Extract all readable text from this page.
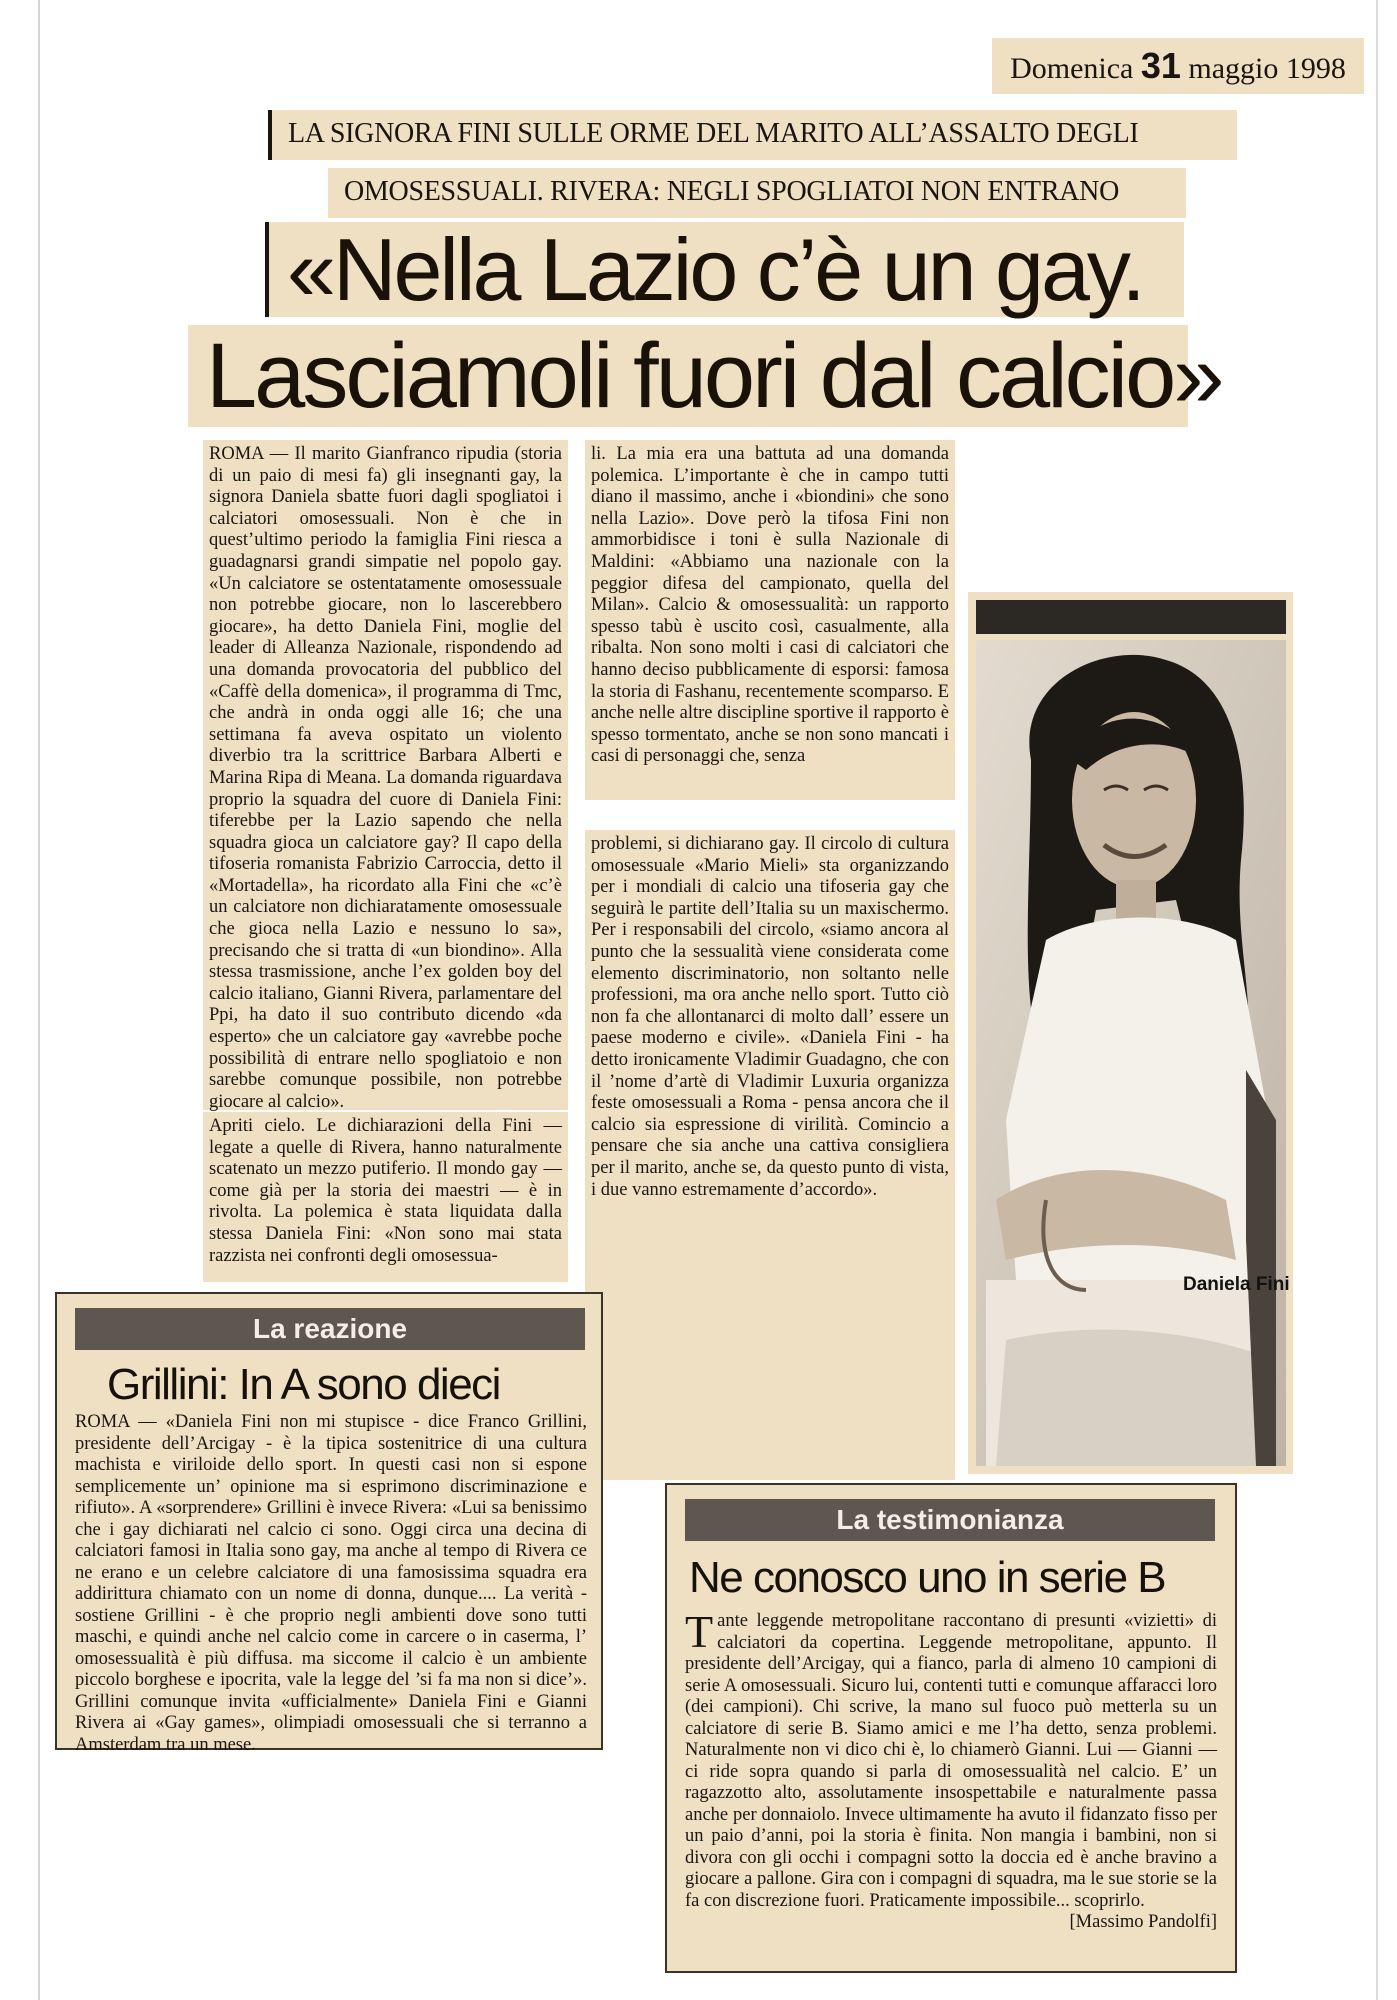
Domenica 31 maggio 1998
LA SIGNORA FINI SULLE ORME DEL MARITO ALL’ASSALTO DEGLI
OMOSESSUALI. RIVERA: NEGLI SPOGLIATOI NON ENTRANO
«Nella Lazio c’è un gay.
Lasciamoli fuori dal calcio»

ROMA — Il marito Gianfranco ripudia (storia di un paio di mesi fa) gli insegnanti gay, la signora Daniela sbatte fuori dagli spogliatoi i calciatori omosessuali. Non è che in quest’ultimo periodo la famiglia Fini riesca a guadagnarsi grandi simpatie nel popolo gay. «Un calciatore se ostentatamente omosessuale non potrebbe giocare, non lo lascerebbero giocare», ha detto Daniela Fini, moglie del leader di Alleanza Nazionale, rispondendo ad una domanda provocatoria del pubblico del «Caffè della domenica», il programma di Tmc, che andrà in onda oggi alle 16; che una settimana fa aveva ospitato un violento diverbio tra la scrittrice Barbara Alberti e Marina Ripa di Meana. La domanda riguardava proprio la squadra del cuore di Daniela Fini: tiferebbe per la Lazio sapendo che nella squadra gioca un calciatore gay? Il capo della tifoseria romanista Fabrizio Carroccia, detto il «Mortadella», ha ricordato alla Fini che «c’è un calciatore non dichiaratamente omosessuale che gioca nella Lazio e nessuno lo sa», precisando che si tratta di «un biondino». Alla stessa trasmissione, anche l’ex golden boy del calcio italiano, Gianni Rivera, parlamentare del Ppi, ha dato il suo contributo dicendo «da esperto» che un calciatore gay «avrebbe poche possibilità di entrare nello spogliatoio e non sarebbe comunque possibile, non potrebbe giocare al calcio».

Apriti cielo. Le dichiarazioni della Fini — legate a quelle di Rivera, hanno naturalmente scatenato un mezzo putiferio. Il mondo gay — come già per la storia dei maestri — è in rivolta. La polemica è stata liquidata dalla stessa Daniela Fini: «Non sono mai stata razzista nei confronti degli omosessua-

li. La mia era una battuta ad una domanda polemica. L’importante è che in campo tutti diano il massimo, anche i «biondini» che sono nella Lazio». Dove però la tifosa Fini non ammorbidisce i toni è sulla Nazionale di Maldini: «Abbiamo una nazionale con la peggior difesa del campionato, quella del Milan». Calcio & omosessualità: un rapporto spesso tabù è uscito così, casualmente, alla ribalta. Non sono molti i casi di calciatori che hanno deciso pubblicamente di esporsi: famosa la storia di Fashanu, recentemente scomparso. E anche nelle altre discipline sportive il rapporto è spesso tormentato, anche se non sono mancati i casi di personaggi che, senza

problemi, si dichiarano gay. Il circolo di cultura omosessuale «Mario Mieli» sta organizzando per i mondiali di calcio una tifoseria gay che seguirà le partite dell’Italia su un maxischermo. Per i responsabili del circolo, «siamo ancora al punto che la sessualità viene considerata come elemento discriminatorio, non soltanto nelle professioni, ma ora anche nello sport. Tutto ciò non fa che allontanarci di molto dall’ essere un paese moderno e civile». «Daniela Fini - ha detto ironicamente Vladimir Guadagno, che con il ’nome d’artè di Vladimir Luxuria organizza feste omosessuali a Roma - pensa ancora che il calcio sia espressione di virilità. Comincio a pensare che sia anche una cattiva consigliera per il marito, anche se, da questo punto di vista, i due vanno estremamente d’accordo».

Daniela Fini
La reazione
Grillini: In A sono dieci

ROMA — «Daniela Fini non mi stupisce - dice Franco Grillini, presidente dell’Arcigay - è la tipica sostenitrice di una cultura machista e viriloide dello sport. In questi casi non si espone semplicemente un’ opinione ma si esprimono discriminazione e rifiuto». A «sorprendere» Grillini è invece Rivera: «Lui sa benissimo che i gay dichiarati nel calcio ci sono. Oggi circa una decina di calciatori famosi in Italia sono gay, ma anche al tempo di Rivera ce ne erano e un celebre calciatore di una famosissima squadra era addirittura chiamato con un nome di donna, dunque.... La verità - sostiene Grillini - è che proprio negli ambienti dove sono tutti maschi, e quindi anche nel calcio come in carcere o in caserma, l’ omosessualità è più diffusa. ma siccome il calcio è un ambiente piccolo borghese e ipocrita, vale la legge del ’si fa ma non si dice’». Grillini comunque invita «ufficialmente» Daniela Fini e Gianni Rivera ai «Gay games», olimpiadi omosessuali che si terranno a Amsterdam tra un mese.

La testimonianza
Ne conosco uno in serie B

T ante leggende metropolitane raccontano di presunti «vizietti» di calciatori da copertina. Leggende metropolitane, appunto. Il presidente dell’Arcigay, qui a fianco, parla di almeno 10 campioni di serie A omosessuali. Sicuro lui, contenti tutti e comunque affaracci loro (dei campioni). Chi scrive, la mano sul fuoco può metterla su un calciatore di serie B. Siamo amici e me l’ha detto, senza problemi. Naturalmente non vi dico chi è, lo chiamerò Gianni. Lui — Gianni — ci ride sopra quando si parla di omosessualità nel calcio. E’ un ragazzotto alto, assolutamente insospettabile e naturalmente passa anche per donnaiolo. Invece ultimamente ha avuto il fidanzato fisso per un paio d’anni, poi la storia è finita. Non mangia i bambini, non si divora con gli occhi i compagni sotto la doccia ed è anche bravino a giocare a pallone. Gira con i compagni di squadra, ma le sue storie se la fa con discrezione fuori. Praticamente impossibile... scoprirlo.

[Massimo Pandolfi]
